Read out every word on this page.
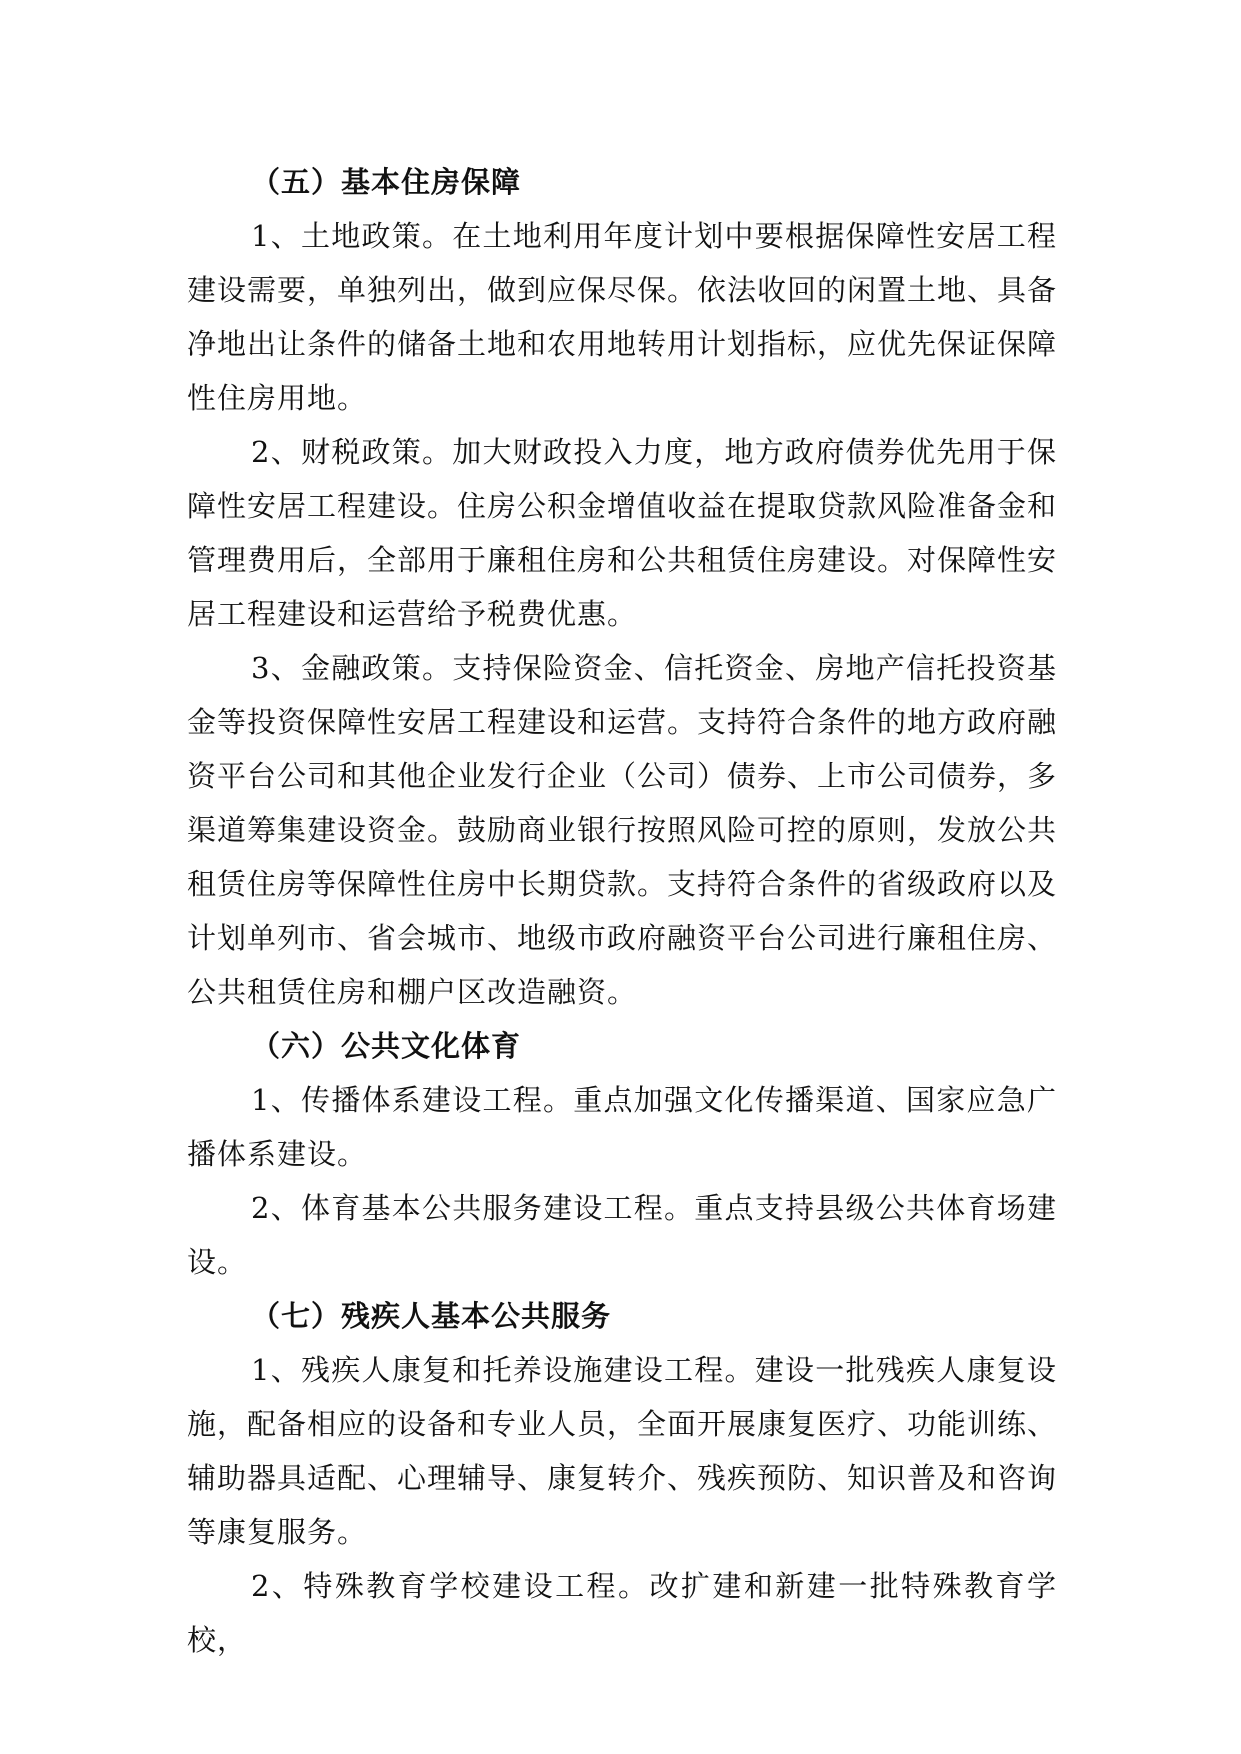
（五）基本住房保障

1、土地政策。在土地利用年度计划中要根据保障性安居工程建设需要，单独列出，做到应保尽保。依法收回的闲置土地、具备净地出让条件的储备土地和农用地转用计划指标，应优先保证保障性住房用地。

2、财税政策。加大财政投入力度，地方政府债券优先用于保障性安居工程建设。住房公积金增值收益在提取贷款风险准备金和管理费用后，全部用于廉租住房和公共租赁住房建设。对保障性安居工程建设和运营给予税费优惠。

3、金融政策。支持保险资金、信托资金、房地产信托投资基金等投资保障性安居工程建设和运营。支持符合条件的地方政府融资平台公司和其他企业发行企业（公司）债券、上市公司债券，多渠道筹集建设资金。鼓励商业银行按照风险可控的原则，发放公共租赁住房等保障性住房中长期贷款。支持符合条件的省级政府以及计划单列市、省会城市、地级市政府融资平台公司进行廉租住房、公共租赁住房和棚户区改造融资。

（六）公共文化体育

1、传播体系建设工程。重点加强文化传播渠道、国家应急广播体系建设。

2、体育基本公共服务建设工程。重点支持县级公共体育场建设。

（七）残疾人基本公共服务

1、残疾人康复和托养设施建设工程。建设一批残疾人康复设施，配备相应的设备和专业人员，全面开展康复医疗、功能训练、辅助器具适配、心理辅导、康复转介、残疾预防、知识普及和咨询等康复服务。

2、特殊教育学校建设工程。改扩建和新建一批特殊教育学校，
